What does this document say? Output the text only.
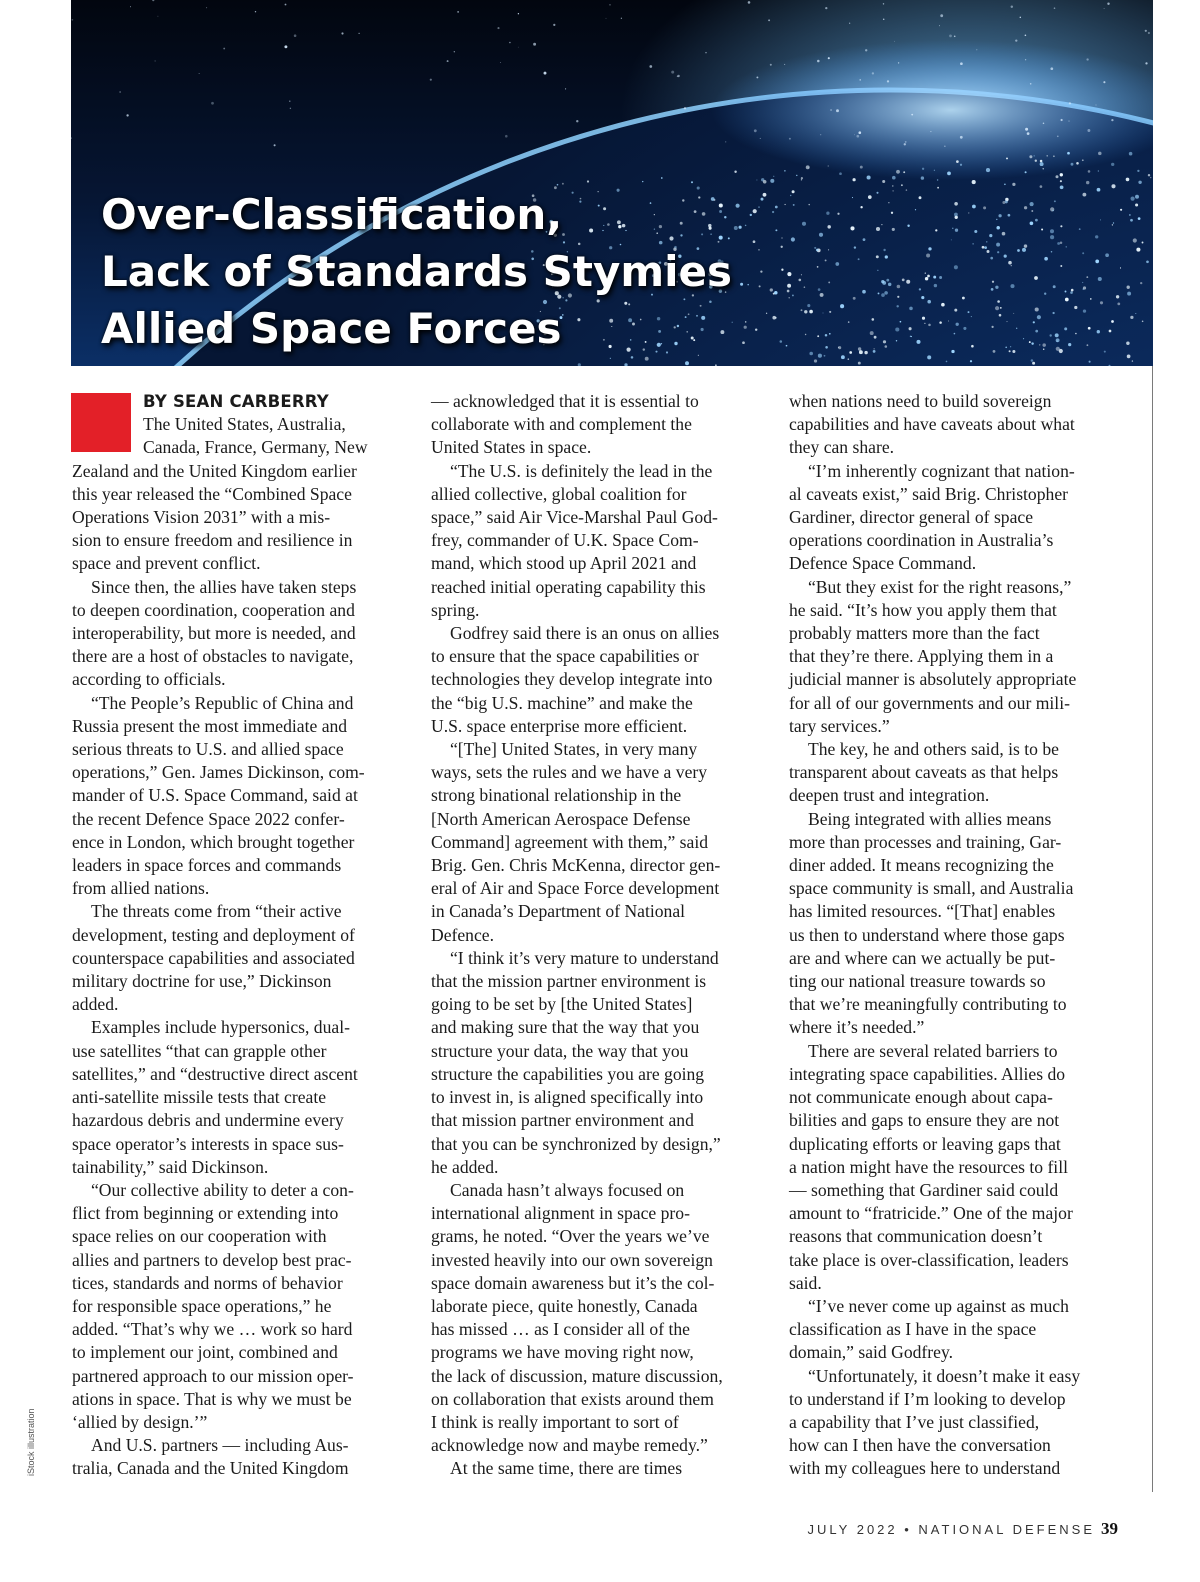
Over-Classification,
Lack of Standards Stymies
Allied Space Forces
BY SEAN CARBERRY
The United States, Australia,
Canada, France, Germany, New
Zealand and the United Kingdom earlier
this year released the “Combined Space
Operations Vision 2031” with a mis-
sion to ensure freedom and resilience in
space and prevent conflict.
Since then, the allies have taken steps
to deepen coordination, cooperation and
interoperability, but more is needed, and
there are a host of obstacles to navigate,
according to officials.
“The People’s Republic of China and
Russia present the most immediate and
serious threats to U.S. and allied space
operations,” Gen. James Dickinson, com-
mander of U.S. Space Command, said at
the recent Defence Space 2022 confer-
ence in London, which brought together
leaders in space forces and commands
from allied nations.
The threats come from “their active
development, testing and deployment of
counterspace capabilities and associated
military doctrine for use,” Dickinson
added.
Examples include hypersonics, dual-
use satellites “that can grapple other
satellites,” and “destructive direct ascent
anti-satellite missile tests that create
hazardous debris and undermine every
space operator’s interests in space sus-
tainability,” said Dickinson.
“Our collective ability to deter a con-
flict from beginning or extending into
space relies on our cooperation with
allies and partners to develop best prac-
tices, standards and norms of behavior
for responsible space operations,” he
added. “That’s why we … work so hard
to implement our joint, combined and
partnered approach to our mission oper-
ations in space. That is why we must be
‘allied by design.’”
And U.S. partners — including Aus-
tralia, Canada and the United Kingdom
— acknowledged that it is essential to
collaborate with and complement the
United States in space.
“The U.S. is definitely the lead in the
allied collective, global coalition for
space,” said Air Vice-Marshal Paul God-
frey, commander of U.K. Space Com-
mand, which stood up April 2021 and
reached initial operating capability this
spring.
Godfrey said there is an onus on allies
to ensure that the space capabilities or
technologies they develop integrate into
the “big U.S. machine” and make the
U.S. space enterprise more efficient.
“[The] United States, in very many
ways, sets the rules and we have a very
strong binational relationship in the
[North American Aerospace Defense
Command] agreement with them,” said
Brig. Gen. Chris McKenna, director gen-
eral of Air and Space Force development
in Canada’s Department of National
Defence.
“I think it’s very mature to understand
that the mission partner environment is
going to be set by [the United States]
and making sure that the way that you
structure your data, the way that you
structure the capabilities you are going
to invest in, is aligned specifically into
that mission partner environment and
that you can be synchronized by design,”
he added.
Canada hasn’t always focused on
international alignment in space pro-
grams, he noted. “Over the years we’ve
invested heavily into our own sovereign
space domain awareness but it’s the col-
laborate piece, quite honestly, Canada
has missed … as I consider all of the
programs we have moving right now,
the lack of discussion, mature discussion,
on collaboration that exists around them
I think is really important to sort of
acknowledge now and maybe remedy.”
At the same time, there are times
when nations need to build sovereign
capabilities and have caveats about what
they can share.
“I’m inherently cognizant that nation-
al caveats exist,” said Brig. Christopher
Gardiner, director general of space
operations coordination in Australia’s
Defence Space Command.
“But they exist for the right reasons,”
he said. “It’s how you apply them that
probably matters more than the fact
that they’re there. Applying them in a
judicial manner is absolutely appropriate
for all of our governments and our mili-
tary services.”
The key, he and others said, is to be
transparent about caveats as that helps
deepen trust and integration.
Being integrated with allies means
more than processes and training, Gar-
diner added. It means recognizing the
space community is small, and Australia
has limited resources. “[That] enables
us then to understand where those gaps
are and where can we actually be put-
ting our national treasure towards so
that we’re meaningfully contributing to
where it’s needed.”
There are several related barriers to
integrating space capabilities. Allies do
not communicate enough about capa-
bilities and gaps to ensure they are not
duplicating efforts or leaving gaps that
a nation might have the resources to fill
— something that Gardiner said could
amount to “fratricide.” One of the major
reasons that communication doesn’t
take place is over-classification, leaders
said.
“I’ve never come up against as much
classification as I have in the space
domain,” said Godfrey.
“Unfortunately, it doesn’t make it easy
to understand if I’m looking to develop
a capability that I’ve just classified,
how can I then have the conversation
with my colleagues here to understand
iStock illustration
JULY 2022 • NATIONAL DEFENSE 39
